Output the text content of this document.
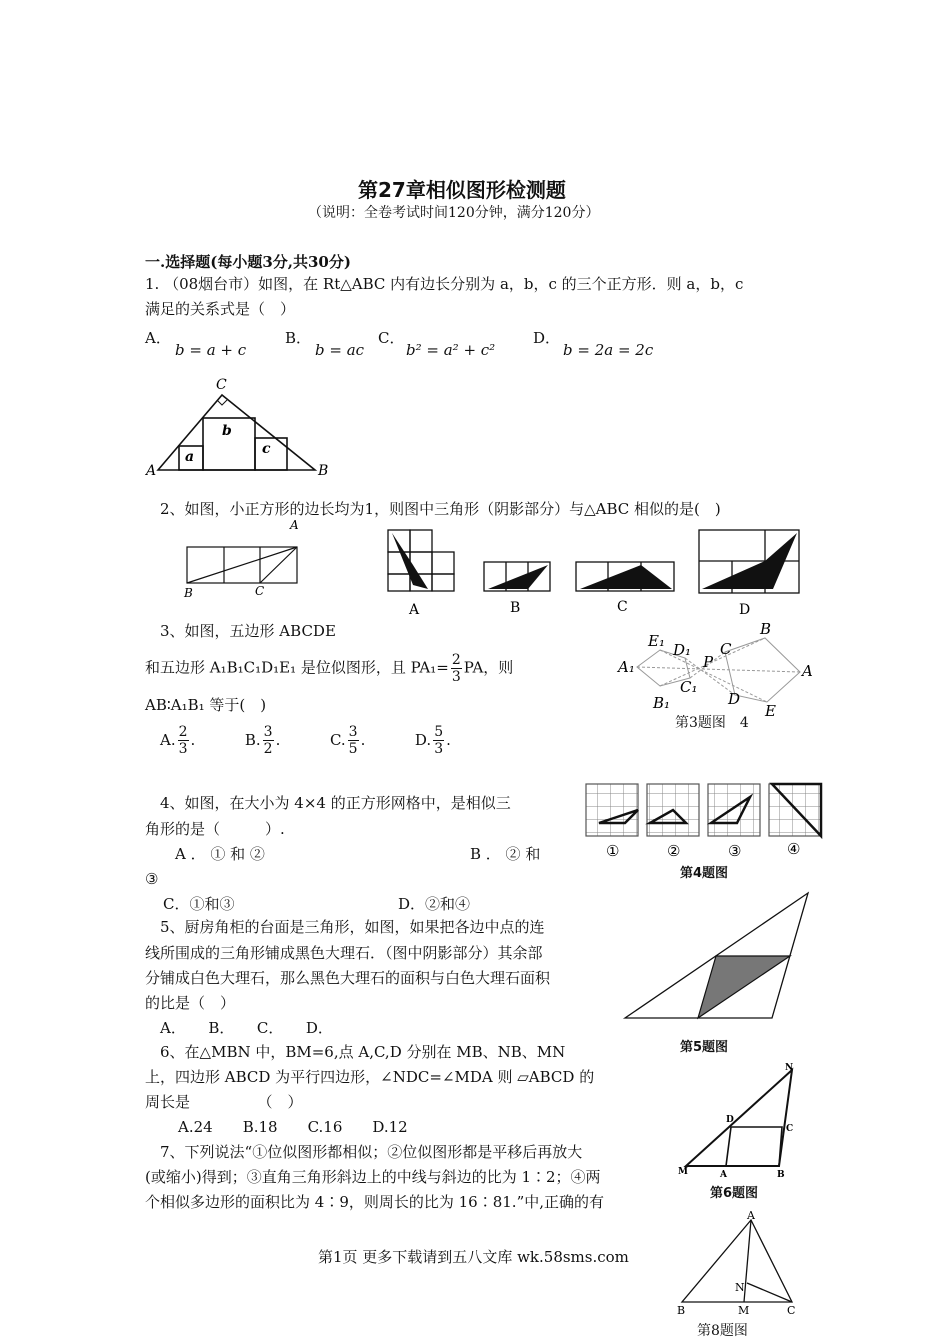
第27章相似图形检测题
（说明：全卷考试时间120分钟，满分120分）
一.选择题(每小题3分,共30分)
1. （08烟台市）如图，在 Rt△ABC 内有边长分别为 a，b，c 的三个正方形．则 a，b，c
满足的关系式是（　）
A．
b = a + c
B．
b = ac
C．
b² = a² + c²
D．
b = 2a = 2c
C
A	B
b
a	c
2、如图，小正方形的边长均为1，则图中三角形（阴影部分）与△ABC 相似的是(　)
A
B	C
A	B	C	D
3、如图，五边形 ABCDE
和五边形 A₁B₁C₁D₁E₁ 是位似图形，且 $PA_1= \frac{2}{3}$ PA，则
AB∶A₁B₁ 等于(　)
A. $\frac{2}{3}$ .	B. $\frac{3}{2}$ .	C. $\frac{3}{5}$ .	D. $\frac{5}{3}$ .
E₁ D₁
A₁
C₁
B₁
P
C
B
A
D
E
第3题图　4
4、如图，在大小为 4×4 的正方形网格中，是相似三
角形的是（　　　）.
A ． ① 和 ②	B ． ② 和
③
C．①和③	D．②和④
①	②	③	④
第4题图
5、厨房角柜的台面是三角形，如图，如果把各边中点的连
线所围成的三角形铺成黑色大理石．（图中阴影部分）其余部
分铺成白色大理石，那么黑色大理石的面积与白色大理石面积
的比是（　）
A．　　B．　　C．　　D．
第5题图
6、在△MBN 中，BM=6,点 A,C,D 分别在 MB、NB、MN
上，四边形 ABCD 为平行四边形，∠NDC=∠MDA 则 ▱ABCD 的
周长是　　　　　（　）
A.24　　B.18　　C.16　　D.12
N
D
C
M	A	B
第6题图
7、下列说法“①位似图形都相似；②位似图形都是平移后再放大
(或缩小)得到；③直角三角形斜边上的中线与斜边的比为 1∶2；④两
个相似多边形的面积比为 4∶9，则周长的比为 16∶81.”中,正确的有
A
N
B	M	C
第8题图
第1页 更多下载请到五八文库 wk.58sms.com
